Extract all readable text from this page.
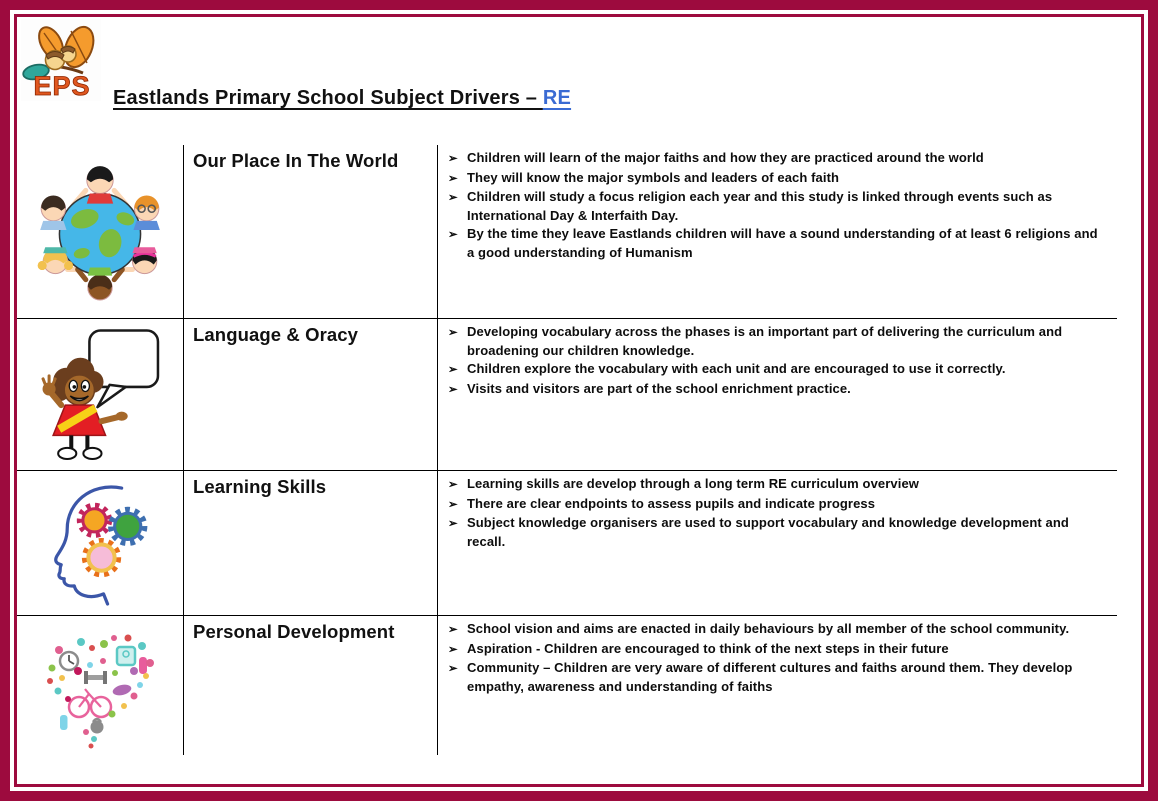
EPS Eastlands Primary School Subject Drivers – RE
Our Place In The World	➢ Children will learn of the major faiths and how they are practiced around the world
➢ They will know the major symbols and leaders of each faith
➢ Children will study a focus religion each year and this study is linked through events such as International Day & Interfaith Day.
➢ By the time they leave Eastlands children will have a sound understanding of at least 6 religions and a good understanding of Humanism
Language & Oracy	➢ Developing vocabulary across the phases is an important part of delivering the curriculum and broadening our children knowledge.
➢ Children explore the vocabulary with each unit and are encouraged to use it correctly.
➢ Visits and visitors are part of the school enrichment practice.
Learning Skills	➢ Learning skills are develop through a long term RE curriculum overview
➢ There are clear endpoints to assess pupils and indicate progress
➢ Subject knowledge organisers are used to support vocabulary and knowledge development and recall.
Personal Development	➢ School vision and aims are enacted in daily behaviours by all member of the school community.
➢ Aspiration - Children are encouraged to think of the next steps in their future
➢ Community – Children are very aware of different cultures and faiths around them. They develop empathy, awareness and understanding of faiths
